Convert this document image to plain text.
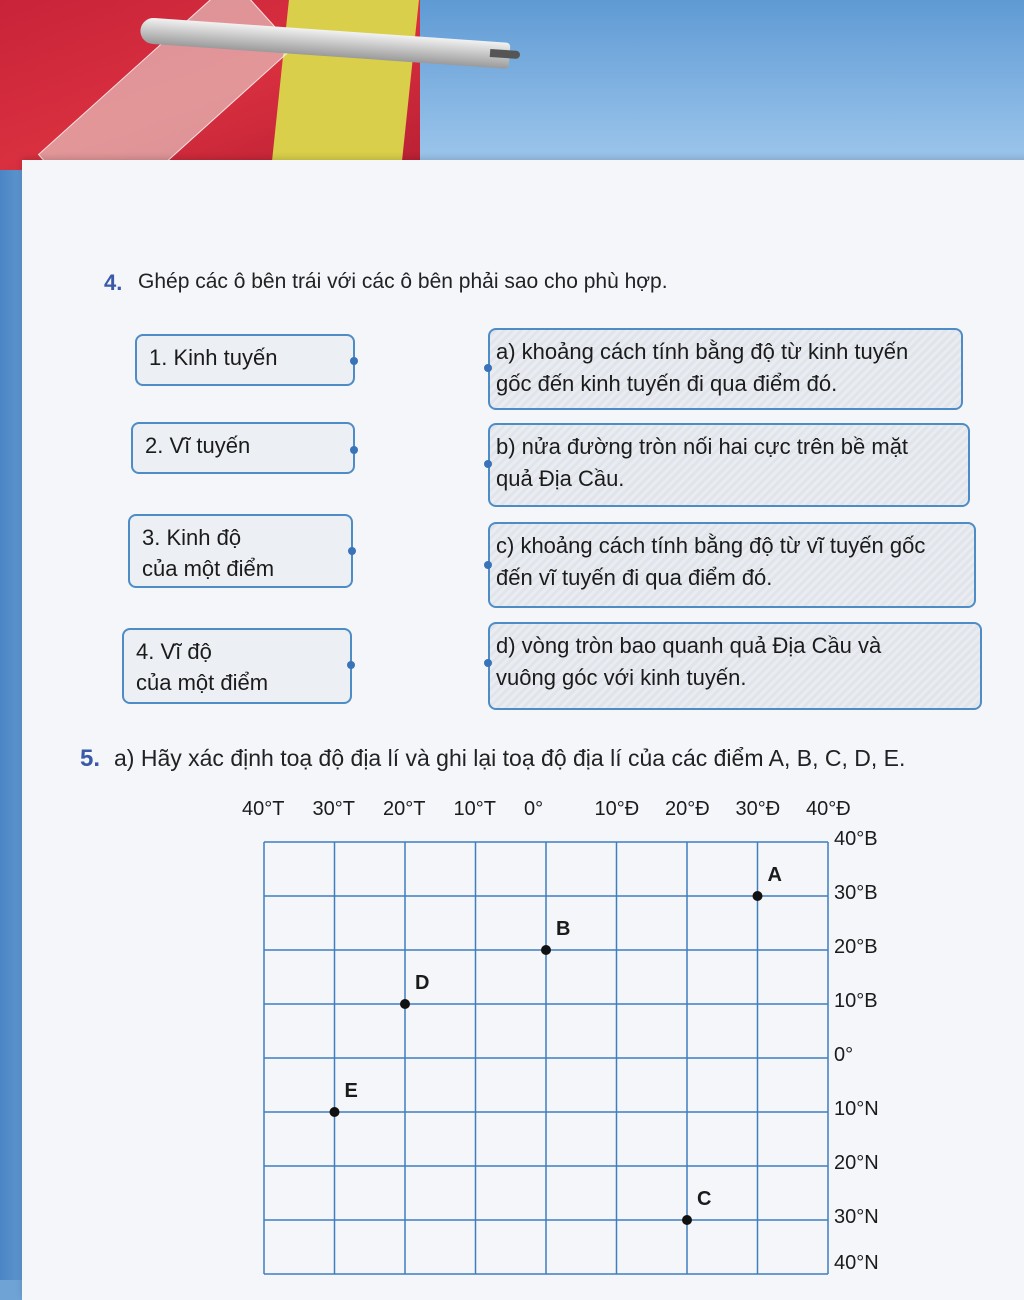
4. Ghép các ô bên trái với các ô bên phải sao cho phù hợp.
1. Kinh tuyến
2. Vĩ tuyến
3. Kinh độ
của một điểm
4. Vĩ độ
của một điểm
a) khoảng cách tính bằng độ từ kinh tuyến
gốc đến kinh tuyến đi qua điểm đó.
b) nửa đường tròn nối hai cực trên bề mặt
quả Địa Cầu.
c) khoảng cách tính bằng độ từ vĩ tuyến gốc
đến vĩ tuyến đi qua điểm đó.
d) vòng tròn bao quanh quả Địa Cầu và
vuông góc với kinh tuyến.
5. a) Hãy xác định toạ độ địa lí và ghi lại toạ độ địa lí của các điểm A, B, C, D, E.
40°T 30°T 20°T 10°T 0°	10°Đ 20°Đ 30°Đ 40°Đ
40°B
30°B
20°B
10°B
0°
10°N
20°N
30°N
40°N
A
B
C
D
E
